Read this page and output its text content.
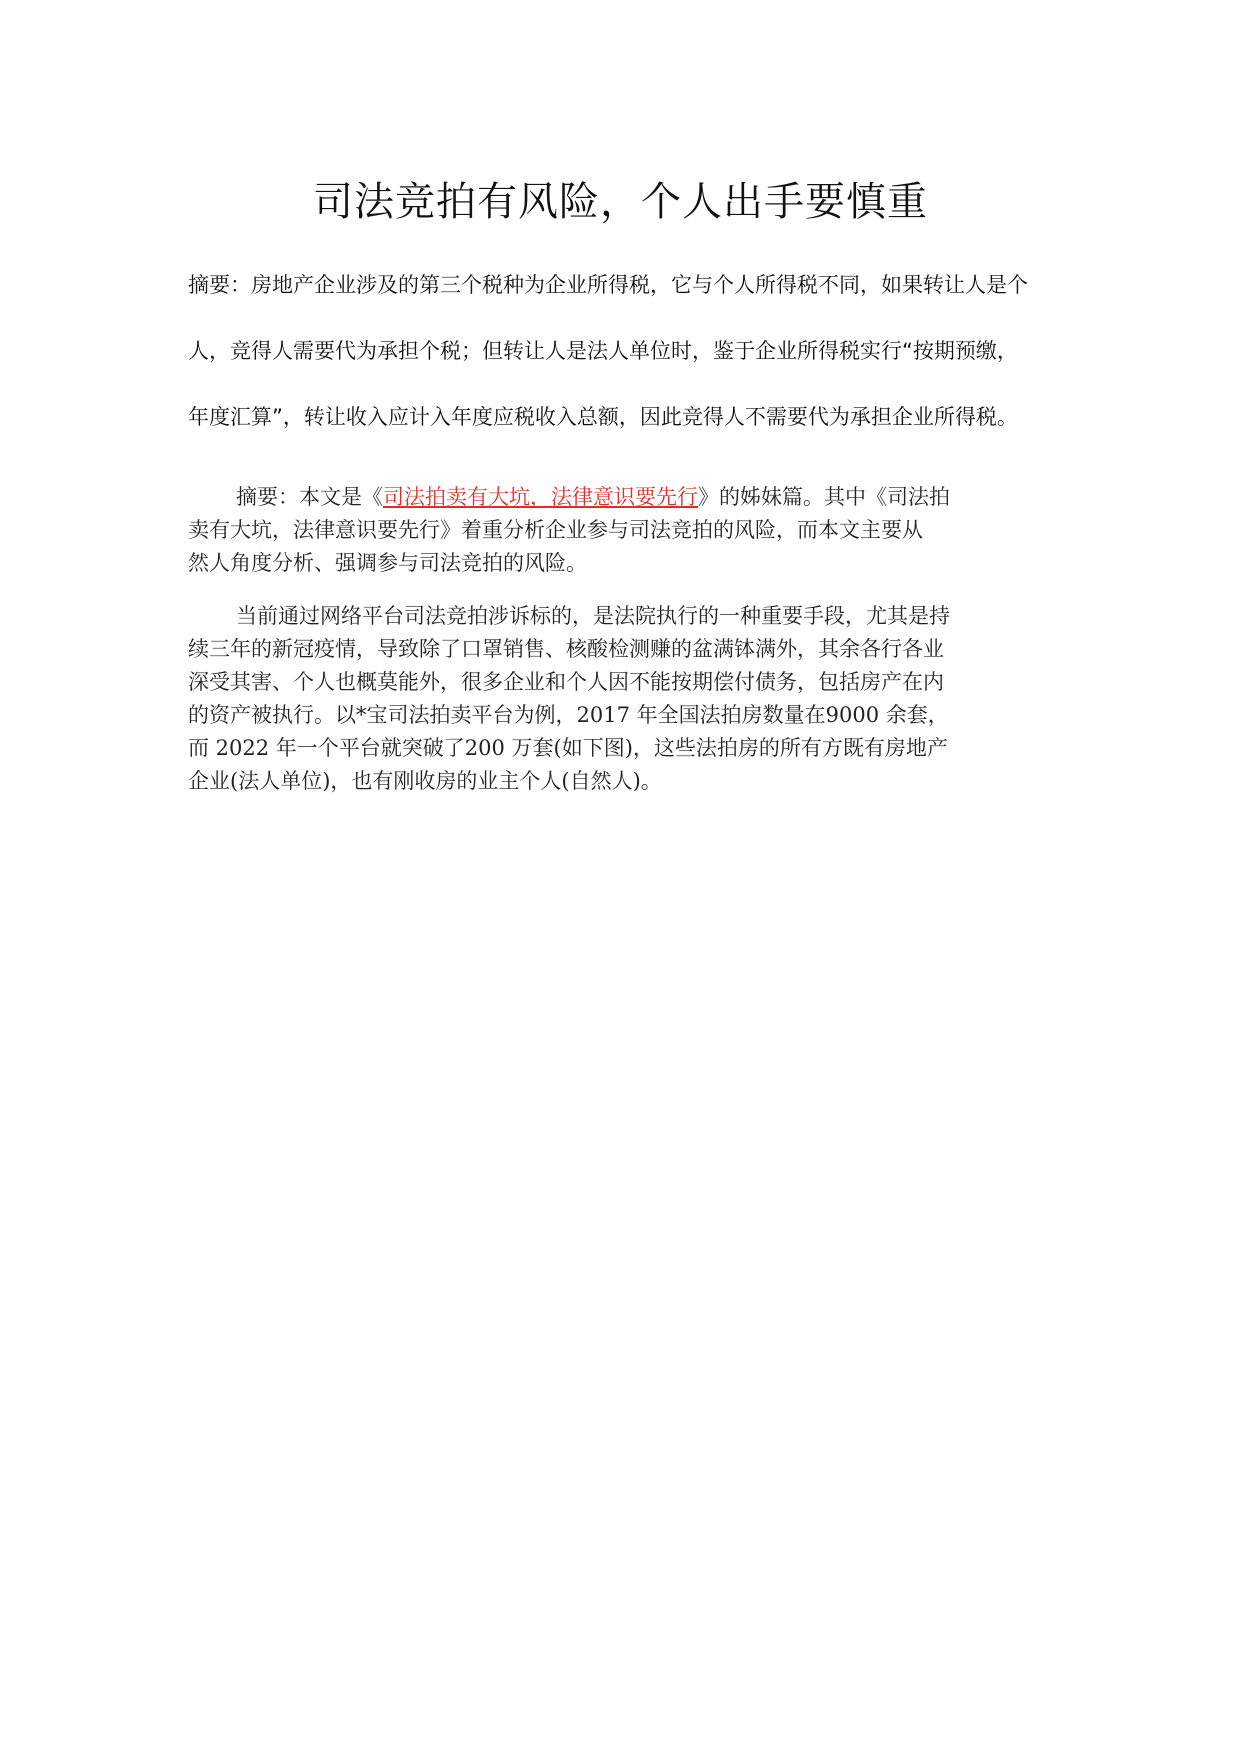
司法竞拍有风险，个人出手要慎重
摘要：房地产企业涉及的第三个税种为企业所得税，它与个人所得税不同，如果转让人是个
人，竞得人需要代为承担个税；但转让人是法人单位时，鉴于企业所得税实行“按期预缴，
年度汇算”，转让收入应计入年度应税收入总额，因此竞得人不需要代为承担企业所得税。
摘要：本文是《司法拍卖有大坑，法律意识要先行》的姊妹篇。其中《司法拍
卖有大坑，法律意识要先行》着重分析企业参与司法竞拍的风险，而本文主要从
然人角度分析、强调参与司法竞拍的风险。
当前通过网络平台司法竞拍涉诉标的，是法院执行的一种重要手段，尤其是持
续三年的新冠疫情，导致除了口罩销售、核酸检测赚的盆满钵满外，其余各行各业
深受其害、个人也概莫能外，很多企业和个人因不能按期偿付债务，包括房产在内
的资产被执行。以*宝司法拍卖平台为例，2017 年全国法拍房数量在9000 余套，
而 2022 年一个平台就突破了200 万套(如下图)，这些法拍房的所有方既有房地产
企业(法人单位)，也有刚收房的业主个人(自然人)。
